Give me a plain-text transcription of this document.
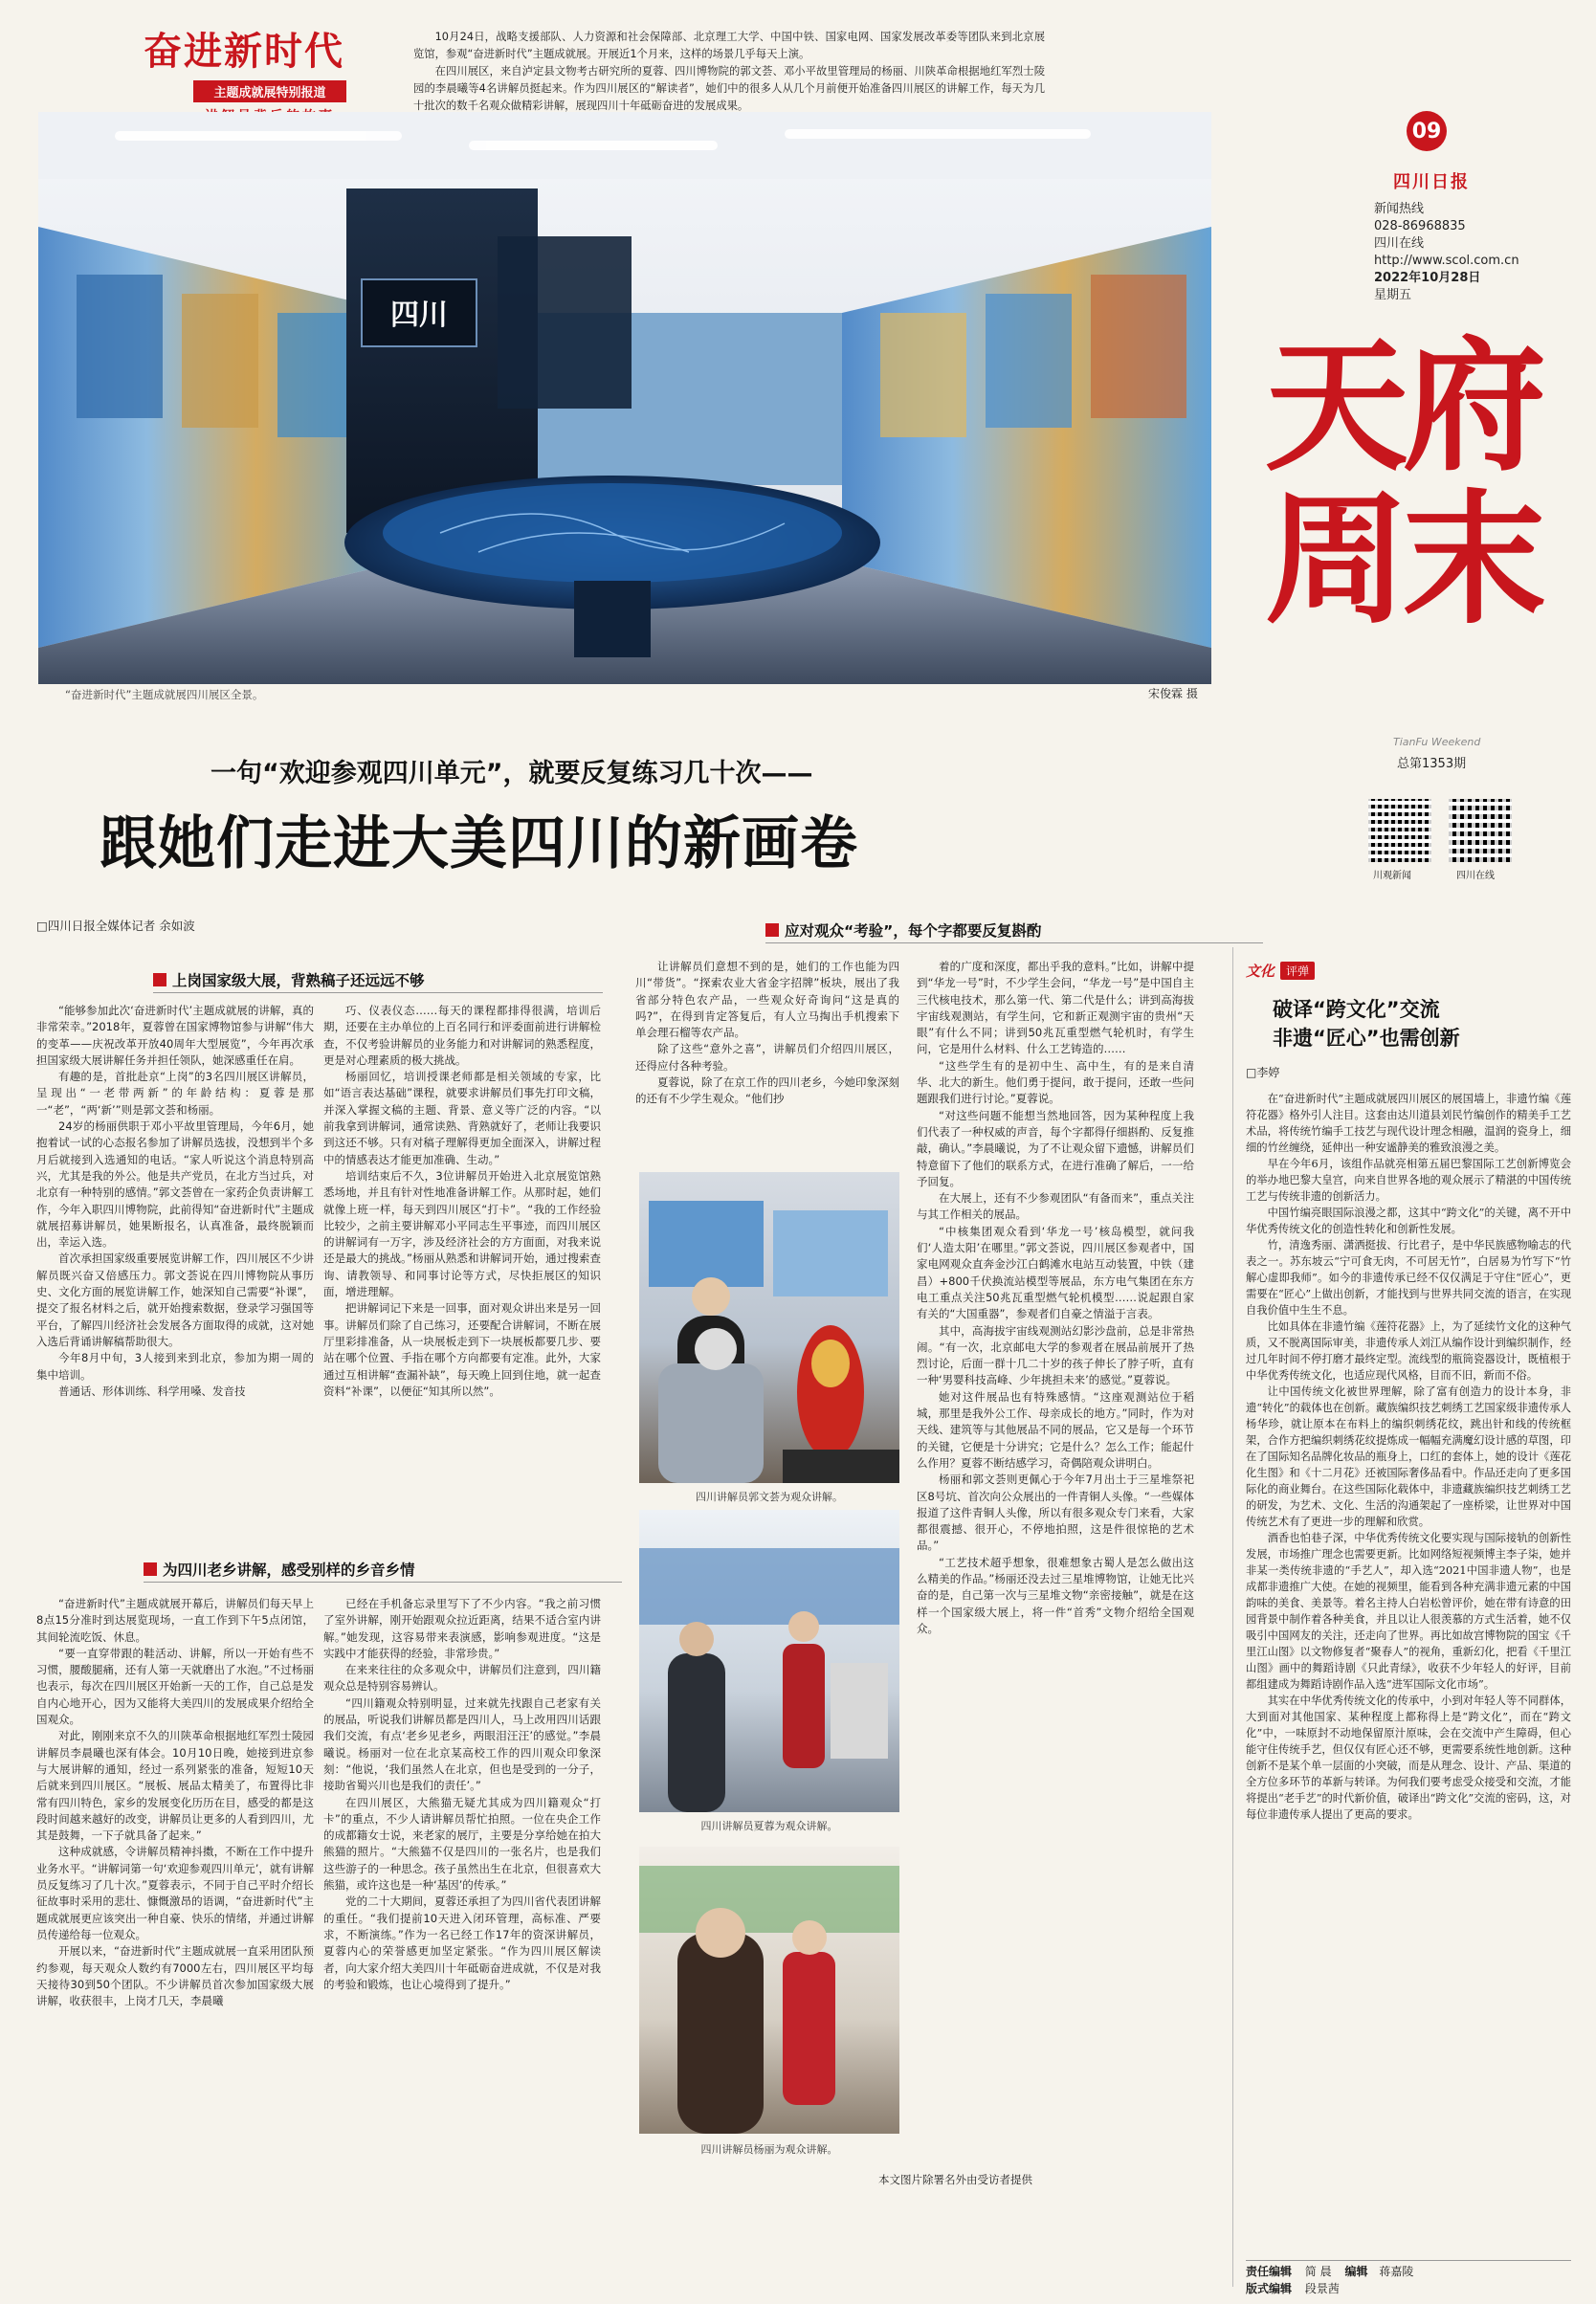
奋进新时代
主题成就展特别报道

10月24日，战略支援部队、人力资源和社会保障部、北京理工大学、中国中铁、国家电网、国家发展改革委等团队来到北京展览馆，参观“奋进新时代”主题成就展。开展近1个月来，这样的场景几乎每天上演。

在四川展区，来自泸定县文物考古研究所的夏蓉、四川博物院的郭文荟、邓小平故里管理局的杨丽、川陕革命根据地红军烈士陵园的李晨曦等4名讲解员挺起来。作为四川展区的“解读者”，她们中的很多人从几个月前便开始准备四川展区的讲解工作，每天为几十批次的数千名观众做精彩讲解，展现四川十年砥砺奋进的发展成果。

四川
“奋进新时代”主题成就展四川展区全景。	宋俊霖 摄
09
四川日报
新闻热线
028-86968835
四川在线
http://www.scol.com.cn
2022年10月28日
星期五
天府周末
TianFu Weekend
总第1353期
川观新闻	四川在线
一句“欢迎参观四川单元”，就要反复练习几十次——
跟她们走进大美四川的新画卷
□四川日报全媒体记者 余如波
上岗国家级大展，背熟稿子还远远不够
为四川老乡讲解，感受别样的乡音乡情
应对观众“考验”，每个字都要反复斟酌

“能够参加此次‘奋进新时代’主题成就展的讲解，真的非常荣幸。”2018年，夏蓉曾在国家博物馆参与讲解“伟大的变革——庆祝改革开放40周年大型展览”，今年再次承担国家级大展讲解任务并担任领队，她深感重任在肩。

有趣的是，首批赴京“上岗”的3名四川展区讲解员，呈现出“一老带两新”的年龄结构：夏蓉是那一“老”，“两‘新’”则是郭文荟和杨丽。

24岁的杨丽供职于邓小平故里管理局，今年6月，她抱着试一试的心态报名参加了讲解员选拔，没想到半个多月后就接到入选通知的电话。“家人听说这个消息特别高兴，尤其是我的外公。他是共产党员，在北方当过兵，对北京有一种特别的感情。”郭文荟曾在一家药企负责讲解工作，今年入职四川博物院，此前得知“奋进新时代”主题成就展招募讲解员，她果断报名，认真准备，最终脱颖而出，幸运入选。

首次承担国家级重要展览讲解工作，四川展区不少讲解员既兴奋又倍感压力。郭文荟说在四川博物院从事历史、文化方面的展览讲解工作，她深知自己需要“补课”，提交了报名材料之后，就开始搜索数据，登录学习强国等平台，了解四川经济社会发展各方面取得的成就，这对她入选后背诵讲解稿帮助很大。

今年8月中旬，3人接到来到北京，参加为期一周的集中培训。

普通话、形体训练、科学用嗓、发音技

巧、仪表仪态……每天的课程都排得很满，培训后期，还要在主办单位的上百名同行和评委面前进行讲解检查，不仅考验讲解员的业务能力和对讲解词的熟悉程度，更是对心理素质的极大挑战。

杨丽回忆，培训授课老师都是相关领域的专家，比如“语言表达基础”课程，就要求讲解员们事先打印文稿，并深入掌握文稿的主题、背景、意义等广泛的内容。“以前我拿到讲解词，通常读熟、背熟就好了，老师让我要识到这还不够。只有对稿子理解得更加全面深入，讲解过程中的情感表达才能更加准确、生动。”

培训结束后不久，3位讲解员开始进入北京展览馆熟悉场地，并且有针对性地准备讲解工作。从那时起，她们就像上班一样，每天到四川展区“打卡”。“我的工作经验比较少，之前主要讲解邓小平同志生平事迹，而四川展区的讲解词有一万字，涉及经济社会的方方面面，对我来说还是最大的挑战。”杨丽从熟悉和讲解词开始，通过搜索查询、请教领导、和同事讨论等方式，尽快拒展区的知识面，增进理解。

把讲解词记下来是一回事，面对观众讲出来是另一回事。讲解员们除了自己练习，还要配合讲解词，不断在展厅里彩排准备，从一块展板走到下一块展板都要几步、要站在哪个位置、手指在哪个方向都要有定准。此外，大家通过互相讲解“查漏补缺”，每天晚上回到住地，就一起查资料“补课”，以便征“知其所以然”。

“奋进新时代”主题成就展开幕后，讲解员们每天早上8点15分准时到达展览现场，一直工作到下午5点闭馆，其间轮流吃饭、休息。

“要一直穿带跟的鞋活动、讲解，所以一开始有些不习惯，腰酸腿痛，还有人第一天就磨出了水泡。”不过杨丽也表示，每次在四川展区开始新一天的工作，自己总是发自内心地开心，因为又能将大美四川的发展成果介绍给全国观众。

对此，刚刚来京不久的川陕革命根据地红军烈士陵园讲解员李晨曦也深有体会。10月10日晚，她接到进京参与大展讲解的通知，经过一系列紧张的准备，短短10天后就来到四川展区。“展板、展品太精美了，布置得比非常有四川特色，家乡的发展变化历历在目，感受的都是这段时间越来越好的改变，讲解员让更多的人看到四川，尤其是鼓舞，一下子就具备了起来。”

这种成就感，令讲解员精神抖擞，不断在工作中提升业务水平。“讲解词第一句‘欢迎参观四川单元’，就有讲解员反复练习了几十次。”夏蓉表示，不同于自己平时介绍长征故事时采用的悲壮、慷慨激昂的语调，“奋进新时代”主题成就展更应该突出一种自豪、快乐的情绪，并通过讲解员传递给每一位观众。

开展以来，“奋进新时代”主题成就展一直采用团队预约参观，每天观众人数约有7000左右，四川展区平均每天接待30到50个团队。不少讲解员首次参加国家级大展讲解，收获很丰，上岗才几天，李晨曦

已经在手机备忘录里写下了不少内容。“我之前习惯了室外讲解，刚开始跟观众拉近距离，结果不适合室内讲解。”她发现，这容易带来表演感，影响参观进度。“这是实践中才能获得的经验，非常珍贵。”

在来来往往的众多观众中，讲解员们注意到，四川籍观众总是特别容易辨认。

“四川籍观众特别明显，过来就先找跟自己老家有关的展品，听说我们讲解员都是四川人，马上改用四川话跟我们交流，有点‘老乡见老乡，两眼泪汪汪’的感觉。”李晨曦说。杨丽对一位在北京某高校工作的四川观众印象深刻：“他说，‘我们虽然人在北京，但也是受到的一分子，接助省蜀兴川也是我们的责任’。”

在四川展区，大熊猫无疑尤其成为四川籍观众“打卡”的重点，不少人请讲解员帮忙拍照。一位在央企工作的成都籍女士说，来老家的展厅，主要是分享给她在拍大熊猫的照片。“大熊猫不仅是四川的一张名片，也是我们这些游子的一种思念。孩子虽然出生在北京，但很喜欢大熊猫，或许这也是一种‘基因’的传承。”

党的二十大期间，夏蓉还承担了为四川省代表团讲解的重任。“我们提前10天进入闭环管理，高标准、严要求，不断演练。”作为一名已经工作17年的资深讲解员，夏蓉内心的荣誉感更加坚定紧张。“作为四川展区解读者，向大家介绍大美四川十年砥砺奋进成就，不仅是对我的考验和锻炼，也让心境得到了提升。”

让讲解员们意想不到的是，她们的工作也能为四川“带货”。“探索农业大省金字招牌”板块，展出了我省部分特色农产品，一些观众好奇询问“这是真的吗?”，在得到肯定答复后，有人立马掏出手机搜索下单会理石榴等农产品。

除了这些“意外之喜”，讲解员们介绍四川展区，还得应付各种考验。

夏蓉说，除了在京工作的四川老乡，今她印象深刻的还有不少学生观众。“他们抄

着的广度和深度，都出乎我的意料。”比如，讲解中提到“华龙一号”时，不少学生会问，“华龙一号”是中国自主三代核电技术，那么第一代、第二代是什么；讲到高海拔宇宙线观测站，有学生问，它和新正观测宇宙的贵州“天眼”有什么不同；讲到50兆瓦重型燃气轮机时，有学生问，它是用什么材料、什么工艺铸造的……

“这些学生有的是初中生、高中生，有的是来自清华、北大的新生。他们勇于提问，敢于提问，还敢一些问题跟我们进行讨论。”夏蓉说。

“对这些问题不能想当然地回答，因为某种程度上我们代表了一种权威的声音，每个字都得仔细斟酌、反复推敲，确认。”李晨曦说，为了不让观众留下遗憾，讲解员们特意留下了他们的联系方式，在进行准确了解后，一一给予回复。

在大展上，还有不少参观团队“有备而来”，重点关注与其工作相关的展品。

“中核集团观众看到‘华龙一号’核岛模型，就问我们‘人造太阳’在哪里。”郭文荟说，四川展区参观者中，国家电网观众直奔金沙江白鹤滩水电站互动装置，中铁（建昌）+800千伏换流站模型等展品，东方电气集团在东方电工重点关注50兆瓦重型燃气轮机模型……说起跟自家有关的“大国重器”，参观者们自豪之情溢于言表。

其中，高海拔宇宙线观测站幻影沙盘前，总是非常热闹。“有一次，北京邮电大学的参观者在展品前展开了热烈讨论，后面一群十几二十岁的孩子伸长了脖子听，直有一种‘男婴科技高峰、少年挑担未来’的感觉。”夏蓉说。

她对这件展品也有特殊感情。“这座观测站位于稻城，那里是我外公工作、母亲成长的地方。”同时，作为对天线、建筑等与其他展品不同的展品，它又是每一个环节的关键，它便是十分讲究；它是什么？怎么工作；能起什么作用？夏蓉不断结感学习，奇偶陪观众讲明白。

杨丽和郭文荟则更佩心于今年7月出土于三星堆祭祀区8号坑、首次向公众展出的一件青铜人头像。“一些媒体报道了这件青铜人头像，所以有很多观众专门来看，大家都很震撼、很开心，不停地拍照，这是件很惊艳的艺术品。”

“工艺技术超乎想象，很难想象古蜀人是怎么做出这么精美的作品。”杨丽还没去过三星堆博物馆，让她无比兴奋的是，自己第一次与三星堆文物“亲密接触”，就是在这样一个国家级大展上，将一件“首秀”文物介绍给全国观众。

四川讲解员郭文荟为观众讲解。
四川讲解员夏蓉为观众讲解。
四川讲解员杨丽为观众讲解。
本文图片除署名外由受访者提供
文化	评弹
破译“跨文化”交流
非遗“匠心”也需创新
□李婷

在“奋进新时代”主题成就展四川展区的展国墙上，非遗竹编《莲符花器》格外引人注目。这套由达川道县刘民竹编创作的精美手工艺术品，将传统竹编手工技艺与现代设计理念相融，温润的瓷身上，细细的竹丝缠绕，延伸出一种安谧静美的雅致浪漫之美。

早在今年6月，该组作品就亮相第五届巴黎国际工艺创新博览会的举办地巴黎大皇宫，向来自世界各地的观众展示了精湛的中国传统工艺与传统非遗的创新活力。

中国竹编亮眼国际浪漫之都，这其中“跨文化”的关键，离不开中华优秀传统文化的创造性转化和创新性发展。

竹，清逸秀丽、潇洒挺拔、行比君子，是中华民族感物喻志的代表之一。苏东坡云“宁可食无肉，不可居无竹”，白居易为竹写下“竹解心虚即我师”。如今的非遗传承已经不仅仅满足于守住“匠心”，更需要在“匠心”上做出创新，才能找到与世界共同交流的语言，在实现自我价值中生生不息。

比如具体在非遗竹编《莲符花器》上，为了延续竹文化的这种气质，又不脱离国际审美，非遗传承人刘江从编作设计到编织制作，经过几年时间不停打磨才最终定型。流线型的瓶筒瓷器设计，既植根于中华优秀传统文化，也适应现代风格，目而不旧，新而不俗。

让中国传统文化被世界理解，除了富有创造力的设计本身，非遗“转化”的载体也在创新。藏族编织技艺刺绣工艺国家级非遗传承人杨华珍，就让原本在布料上的编织刺绣花纹，跳出针和线的传统框架，合作方把编织刺绣花纹提炼成一幅幅充满魔幻设计感的草图，印在了国际知名品牌化妆品的瓶身上，口红的套体上，她的设计《莲花化生图》和《十二月花》还被国际奢侈品看中。作品还走向了更多国际化的商业舞台。在这些国际化载体中，非遗藏族编织技艺刺绣工艺的研发，为艺术、文化、生活的沟通架起了一座桥梁，让世界对中国传统艺术有了更进一步的理解和欣赏。

酒香也怕巷子深，中华优秀传统文化要实现与国际接轨的创新性发展，市场推广理念也需要更新。比如网络短视频博主李子柒，她并非某一类传统非遗的“手艺人”，却入选“2021中国非遗人物”，也是成都非遗推广大使。在她的视频里，能看到各种充满非遗元素的中国韵味的美食、美景等。着名主持人白岩松曾评价，她在带有诗意的田园背景中制作着各种美食，并且以让人很羡慕的方式生活着，她不仅吸引中国网友的关注，还走向了世界。再比如故宫博物院的国宝《千里江山图》以文物修复者“聚春人”的视角，重新幻化，把看《千里江山图》画中的舞蹈诗剧《只此青绿》，收获不少年轻人的好评，目前都组建成为舞蹈诗剧作品入选“进军国际文化市场”。

其实在中华优秀传统文化的传承中，小到对年轻人等不同群体，大到面对其他国家、某种程度上都称得上是“跨文化”，而在“跨文化”中，一味原封不动地保留原汁原味，会在交流中产生障碍，但心能守住传统手艺，但仅仅有匠心还不够，更需要系统性地创新。这种创新不是某个单一层面的小突破，而是从理念、设计、产品、渠道的全方位多环节的革新与转译。为何我们要考虑受众接受和交流，才能将提出“老手艺”的时代新价值，破译出“跨文化”交流的密码，这，对每位非遗传承人提出了更高的要求。

责任编辑 简 晨 编辑 蒋嘉陵
版式编辑 段景茜
